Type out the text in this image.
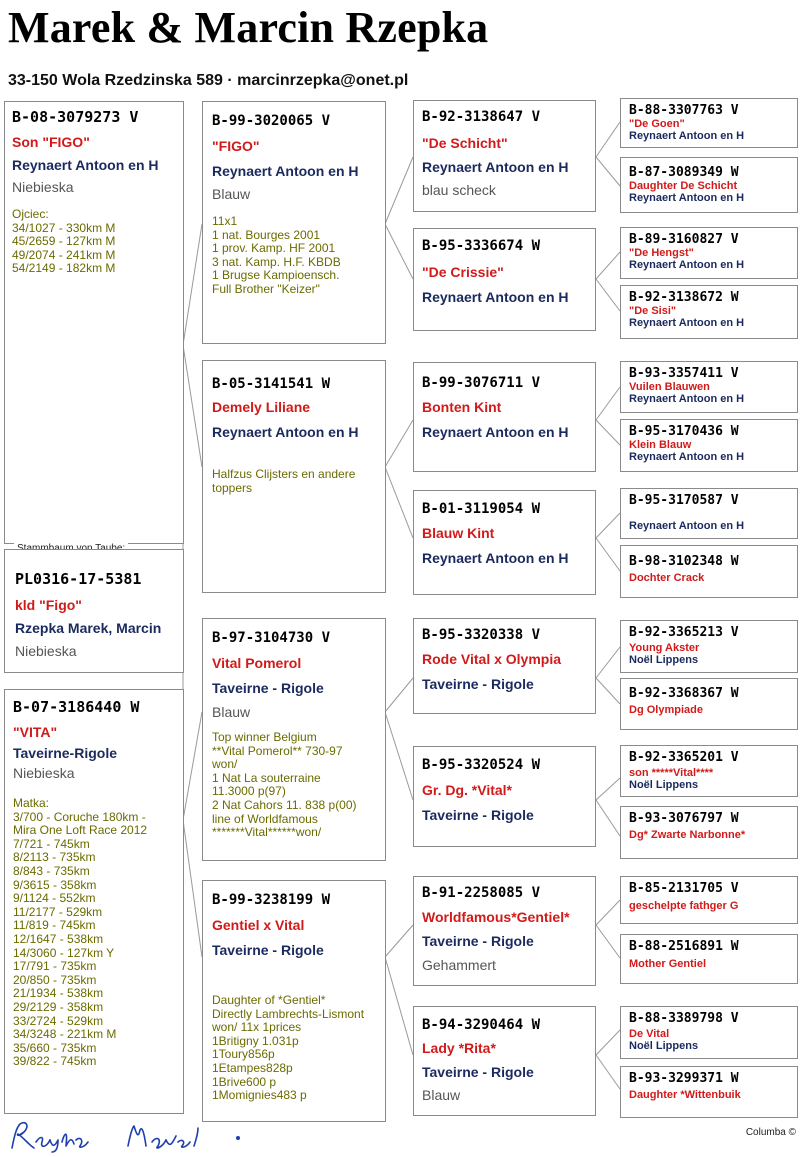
Marek & Marcin Rzepka
33-150 Wola Rzedzinska 589 · marcinrzepka@onet.pl
B-08-3079273 V
Son "FIGO"
Reynaert Antoon en H
Niebieska
Ojciec:
34/1027 - 330km M
45/2659 - 127km M
49/2074 - 241km M
54/2149 - 182km M
PL0316-17-5381
kld "Figo"
Rzepka Marek, Marcin
Niebieska
B-07-3186440 W
"VITA"
Taveirne-Rigole
Niebieska
Matka:
3/700 - Coruche 180km -
Mira One Loft Race 2012
7/721 - 745km
8/2113 - 735km
8/843 - 735km
9/3615 - 358km
9/1124 - 552km
11/2177 - 529km
11/819 - 745km
12/1647 - 538km
14/3060 - 127km Y
17/791 - 735km
20/850 - 735km
21/1934 - 538km
29/2129 - 358km
33/2724 - 529km
34/3248 - 221km M
35/660 - 735km
39/822 - 745km
B-99-3020065 V
"FIGO"
Reynaert Antoon en H
Blauw
11x1
1 nat. Bourges 2001
1 prov. Kamp. HF 2001
3 nat. Kamp. H.F. KBDB
1 Brugse Kampioensch.
Full Brother "Keizer"
B-05-3141541 W
Demely Liliane
Reynaert Antoon en H
Halfzus Clijsters en andere
toppers
B-97-3104730 V
Vital Pomerol
Taveirne - Rigole
Blauw
Top winner Belgium
**Vital Pomerol** 730-97
won/
1 Nat La souterraine
11.3000 p(97)
2 Nat Cahors 11. 838 p(00)
line of Worldfamous
*******Vital******won/
B-99-3238199 W
Gentiel x Vital
Taveirne - Rigole
Daughter of *Gentiel*
Directly Lambrechts-Lismont
won/ 11x 1prices
1Britigny 1.031p
1Toury856p
1Etampes828p
1Brive600 p
1Momignies483 p
B-92-3138647 V
"De Schicht"
Reynaert Antoon en H
blau scheck
B-95-3336674 W
"De Crissie"
Reynaert Antoon en H
B-99-3076711 V
Bonten Kint
Reynaert Antoon en H
B-01-3119054 W
Blauw Kint
Reynaert Antoon en H
B-95-3320338 V
Rode Vital x Olympia
Taveirne - Rigole
B-95-3320524 W
Gr. Dg. *Vital*
Taveirne - Rigole
B-91-2258085 V
Worldfamous*Gentiel*
Taveirne - Rigole
Gehammert
B-94-3290464 W
Lady *Rita*
Taveirne - Rigole
Blauw
B-88-3307763 V
"De Goen"
Reynaert Antoon en H
B-87-3089349 W
Daughter De Schicht
Reynaert Antoon en H
B-89-3160827 V
"De Hengst"
Reynaert Antoon en H
B-92-3138672 W
"De Sisi"
Reynaert Antoon en H
B-93-3357411 V
Vuilen Blauwen
Reynaert Antoon en H
B-95-3170436 W
Klein Blauw
Reynaert Antoon en H
B-95-3170587 V
Reynaert Antoon en H
B-98-3102348 W
Dochter Crack
B-92-3365213 V
Young Akster
Noël Lippens
B-92-3368367 W
Dg Olympiade
B-92-3365201 V
son *****Vital****
Noël Lippens
B-93-3076797 W
Dg* Zwarte Narbonne*
B-85-2131705 V
geschelpte fathger G
B-88-2516891 W
Mother Gentiel
B-88-3389798 V
De Vital
Noël Lippens
B-93-3299371 W
Daughter *Wittenbuik
Columba ©
